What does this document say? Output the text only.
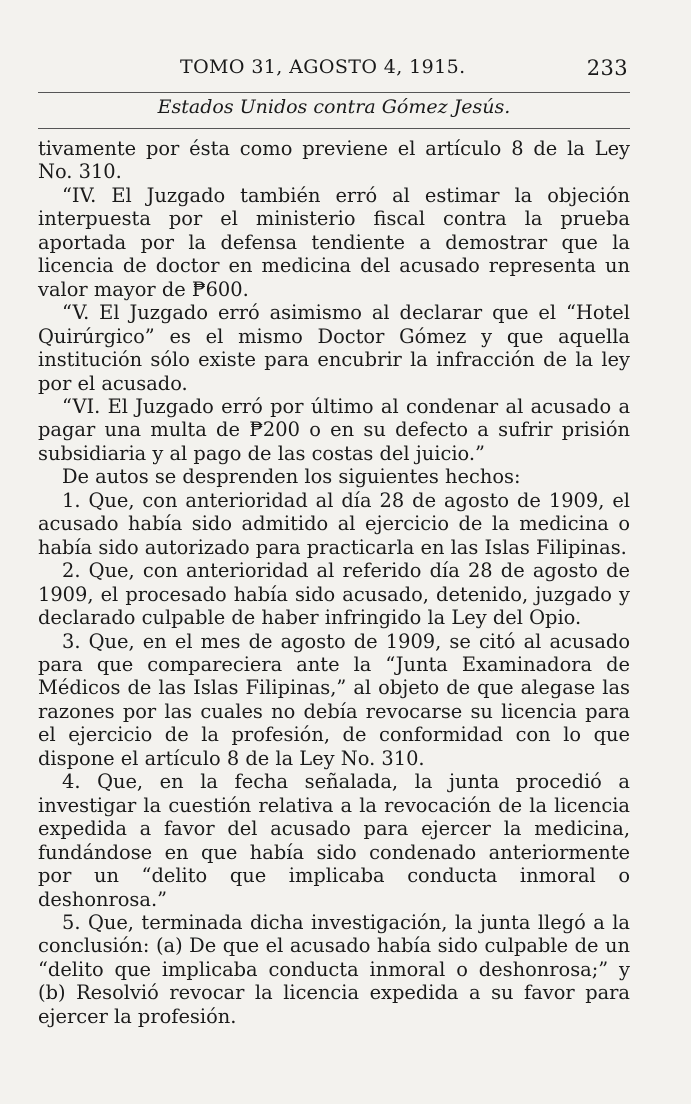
TOMO 31, AGOSTO 4, 1915.	233
Estados Unidos contra Gómez Jesús.

tivamente por ésta como previene el artículo 8 de la Ley No. 310.

“IV. El Juzgado también erró al estimar la objeción interpuesta por el ministerio fiscal contra la prueba aportada por la defensa tendiente a demostrar que la licencia de doctor en medicina del acusado representa un valor mayor de ₱600.

“V. El Juzgado erró asimismo al declarar que el “Hotel Quirúrgico” es el mismo Doctor Gómez y que aquella institución sólo existe para encubrir la infracción de la ley por el acusado.

“VI. El Juzgado erró por último al condenar al acusado a pagar una multa de ₱200 o en su defecto a sufrir prisión subsidiaria y al pago de las costas del juicio.”

De autos se desprenden los siguientes hechos:

1. Que, con anterioridad al día 28 de agosto de 1909, el acusado había sido admitido al ejercicio de la medicina o había sido autorizado para practicarla en las Islas Filipinas.

2. Que, con anterioridad al referido día 28 de agosto de 1909, el procesado había sido acusado, detenido, juzgado y declarado culpable de haber infringido la Ley del Opio.

3. Que, en el mes de agosto de 1909, se citó al acusado para que compareciera ante la “Junta Examinadora de Médicos de las Islas Filipinas,” al objeto de que alegase las razones por las cuales no debía revocarse su licencia para el ejercicio de la profesión, de conformidad con lo que dispone el artículo 8 de la Ley No. 310.

4. Que, en la fecha señalada, la junta procedió a investigar la cuestión relativa a la revocación de la licencia expedida a favor del acusado para ejercer la medicina, fundándose en que había sido condenado anteriormente por un “delito que implicaba conducta inmoral o deshonrosa.”

5. Que, terminada dicha investigación, la junta llegó a la conclusión: (a) De que el acusado había sido culpable de un “delito que implicaba conducta inmoral o deshonrosa;” y (b) Resolvió revocar la licencia expedida a su favor para ejercer la profesión.
